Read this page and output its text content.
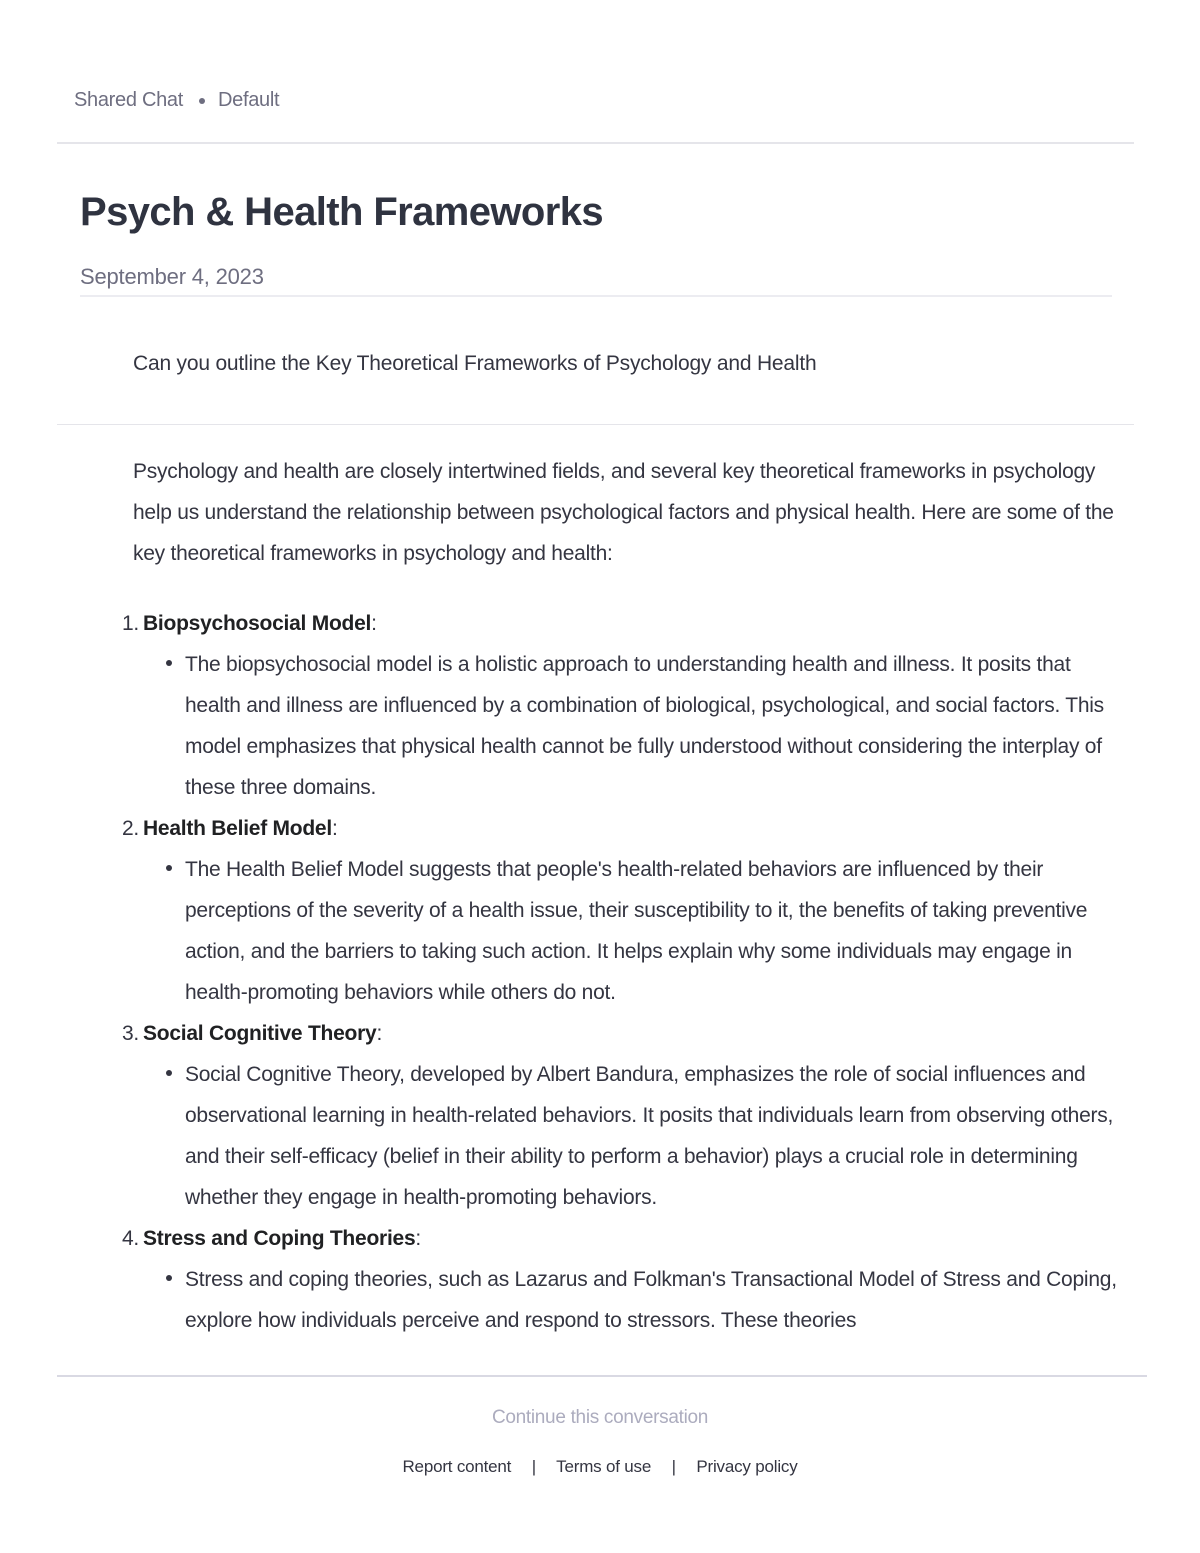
Shared Chat Default
Psych & Health Frameworks
September 4, 2023
Can you outline the Key Theoretical Frameworks of Psychology and Health

Psychology and health are closely intertwined fields, and several key theoretical frameworks in psychology help us understand the relationship between psychological factors and physical health. Here are some of the key theoretical frameworks in psychology and health:

1. Biopsychosocial Model:
The biopsychosocial model is a holistic approach to understanding health and illness. It posits that health and illness are influenced by a combination of biological, psychological, and social factors. This model emphasizes that physical health cannot be fully understood without considering the interplay of these three domains.
2. Health Belief Model:
The Health Belief Model suggests that people's health-related behaviors are influenced by their perceptions of the severity of a health issue, their susceptibility to it, the benefits of taking preventive action, and the barriers to taking such action. It helps explain why some individuals may engage in health-promoting behaviors while others do not.
3. Social Cognitive Theory:
Social Cognitive Theory, developed by Albert Bandura, emphasizes the role of social influences and observational learning in health-related behaviors. It posits that individuals learn from observing others, and their self-efficacy (belief in their ability to perform a behavior) plays a crucial role in determining whether they engage in health-promoting behaviors.
4. Stress and Coping Theories:
Stress and coping theories, such as Lazarus and Folkman's Transactional Model of Stress and Coping, explore how individuals perceive and respond to stressors. These theories
Continue this conversation
Report content | Terms of use | Privacy policy
